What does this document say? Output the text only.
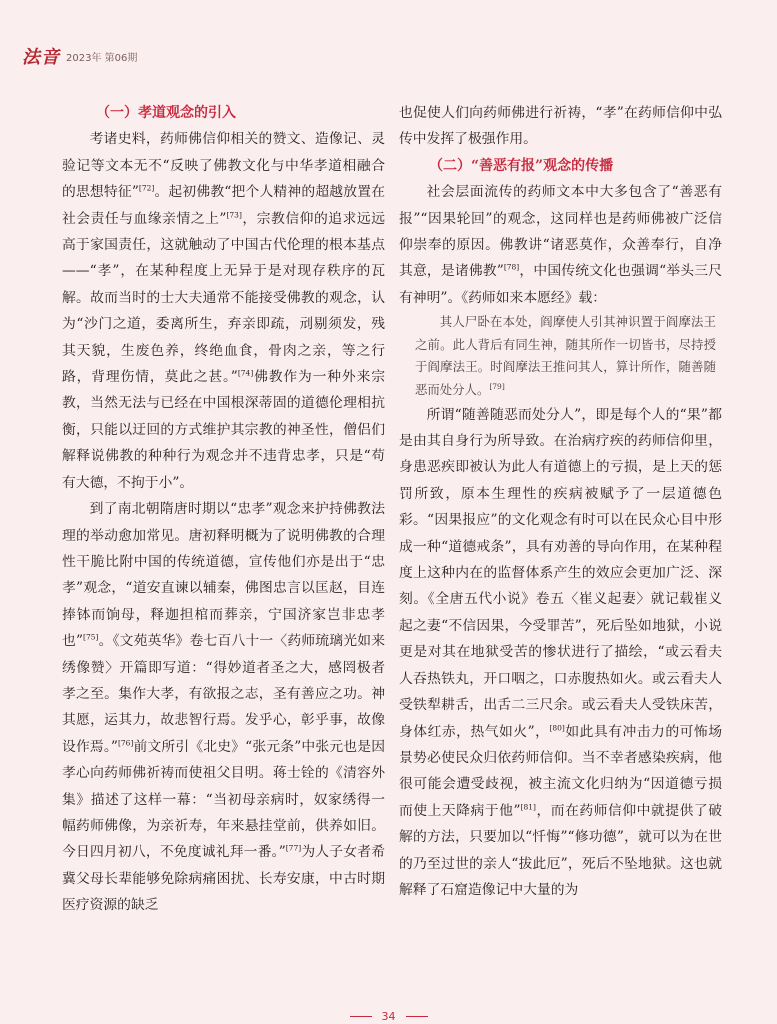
法音 2023年 第06期
（一）孝道观念的引入

考诸史料，药师佛信仰相关的赞文、造像记、灵验记等文本无不“反映了佛教文化与中华孝道相融合的思想特征”[72]。起初佛教“把个人精神的超越放置在社会责任与血缘亲情之上”[73]，宗教信仰的追求远远高于家国责任，这就触动了中国古代伦理的根本基点——“孝”，在某种程度上无异于是对现存秩序的瓦解。故而当时的士大夫通常不能接受佛教的观念，认为“沙门之道，委离所生，弃亲即疏，刓剔须发，残其天貌，生废色养，终绝血食，骨肉之亲，等之行路，背理伤情，莫此之甚。”[74]佛教作为一种外来宗教，当然无法与已经在中国根深蒂固的道德伦理相抗衡，只能以迂回的方式维护其宗教的神圣性，僧侣们解释说佛教的种种行为观念并不违背忠孝，只是“苟有大德，不拘于小”。

到了南北朝隋唐时期以“忠孝”观念来护持佛教法理的举动愈加常见。唐初释明概为了说明佛教的合理性干脆比附中国的传统道德，宣传他们亦是出于“忠孝”观念，“道安直谏以辅秦，佛图忠言以匡赵，目连捧钵而饷母，释迦担棺而葬亲，宁国济家岂非忠孝也”[75]。《文苑英华》卷七百八十一〈药师琉璃光如来绣像赞〉开篇即写道：“得妙道者圣之大，感罔极者孝之至。集作大孝，有欲报之志，圣有善应之功。神其愿，运其力，故悲智行焉。发乎心，彰乎事，故像设作焉。”[76]前文所引《北史》“张元条”中张元也是因孝心向药师佛祈祷而使祖父目明。蒋士铨的《清容外集》描述了这样一幕：“当初母亲病时，奴家绣得一幅药师佛像，为亲祈寿，年来悬挂堂前，供养如旧。今日四月初八，不免度诚礼拜一番。”[77]为人子女者希冀父母长辈能够免除病痛困扰、长寿安康，中古时期医疗资源的缺乏

也促使人们向药师佛进行祈祷，“孝”在药师信仰中弘传中发挥了极强作用。

（二）“善恶有报”观念的传播

社会层面流传的药师文本中大多包含了“善恶有报”“因果轮回”的观念，这同样也是药师佛被广泛信仰崇奉的原因。佛教讲“诸恶莫作，众善奉行，自净其意，是诸佛教”[78]，中国传统文化也强调“举头三尺有神明”。《药师如来本愿经》载：

其人尸卧在本处，阎摩使人引其神识置于阎摩法王之前。此人背后有同生神，随其所作一切皆书，尽持授于阎摩法王。时阎摩法王推问其人，算计所作，随善随恶而处分人。[79]

所谓“随善随恶而处分人”，即是每个人的“果”都是由其自身行为所导致。在治病疗疾的药师信仰里，身患恶疾即被认为此人有道德上的亏损，是上天的惩罚所致，原本生理性的疾病被赋予了一层道德色彩。“因果报应”的文化观念有时可以在民众心目中形成一种“道德戒条”，具有劝善的导向作用，在某种程度上这种内在的监督体系产生的效应会更加广泛、深刻。《全唐五代小说》卷五〈崔义起妻〉就记载崔义起之妻“不信因果，今受罪苦”，死后坠如地狱，小说更是对其在地狱受苦的惨状进行了描绘，“或云看夫人吞热铁丸，开口咽之，口赤腹热如火。或云看夫人受铁犁耕舌，出舌二三尺余。或云看夫人受铁床苦，身体红赤，热气如火”，[80]如此具有冲击力的可怖场景势必使民众归依药师信仰。当不幸者感染疾病，他很可能会遭受歧视，被主流文化归纳为“因道德亏损而使上天降病于他”[81]，而在药师信仰中就提供了破解的方法，只要加以“忏悔”“修功德”，就可以为在世的乃至过世的亲人“拔此厄”，死后不坠地狱。这也就解释了石窟造像记中大量的为

34
